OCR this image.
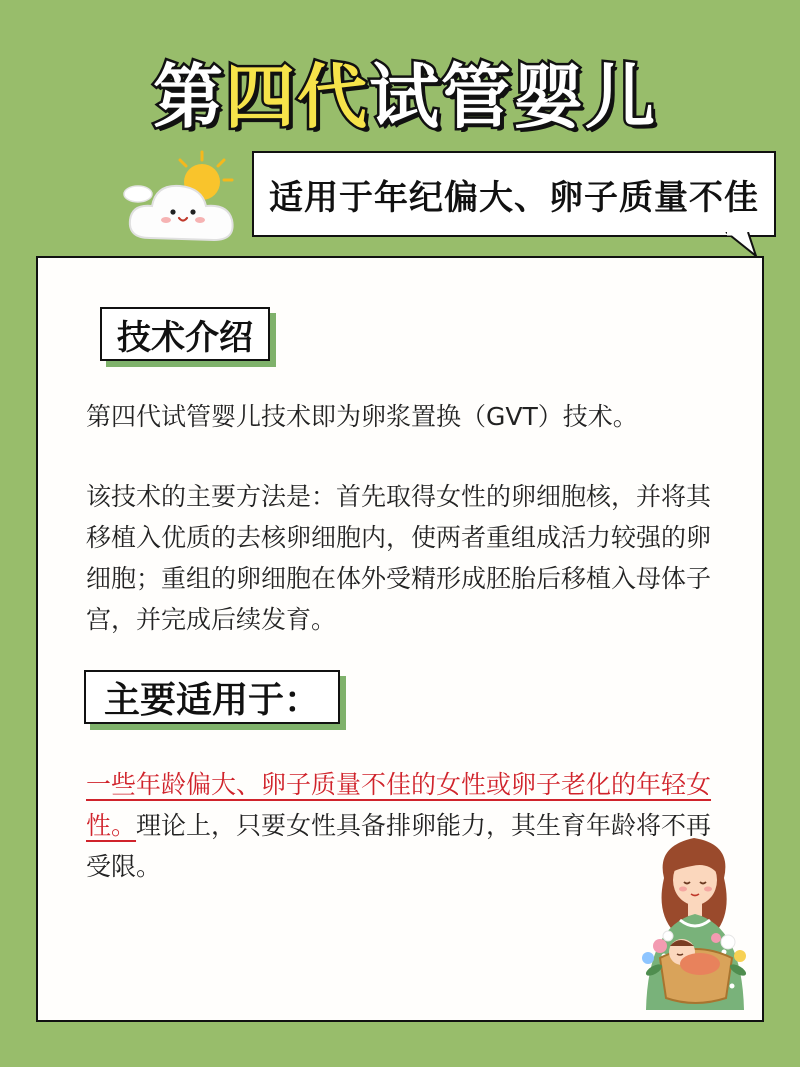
第四代试管婴儿
适用于年纪偏大、卵子质量不佳
技术介绍

第四代试管婴儿技术即为卵浆置换（GVT）技术。

该技术的主要方法是：首先取得女性的卵细胞核，并将其移植入优质的去核卵细胞内，使两者重组成活力较强的卵细胞；重组的卵细胞在体外受精形成胚胎后移植入母体子宫，并完成后续发育。

主要适用于：

一些年龄偏大、卵子质量不佳的女性或卵子老化的年轻女性。理论上，只要女性具备排卵能力，其生育年龄将不再受限。
